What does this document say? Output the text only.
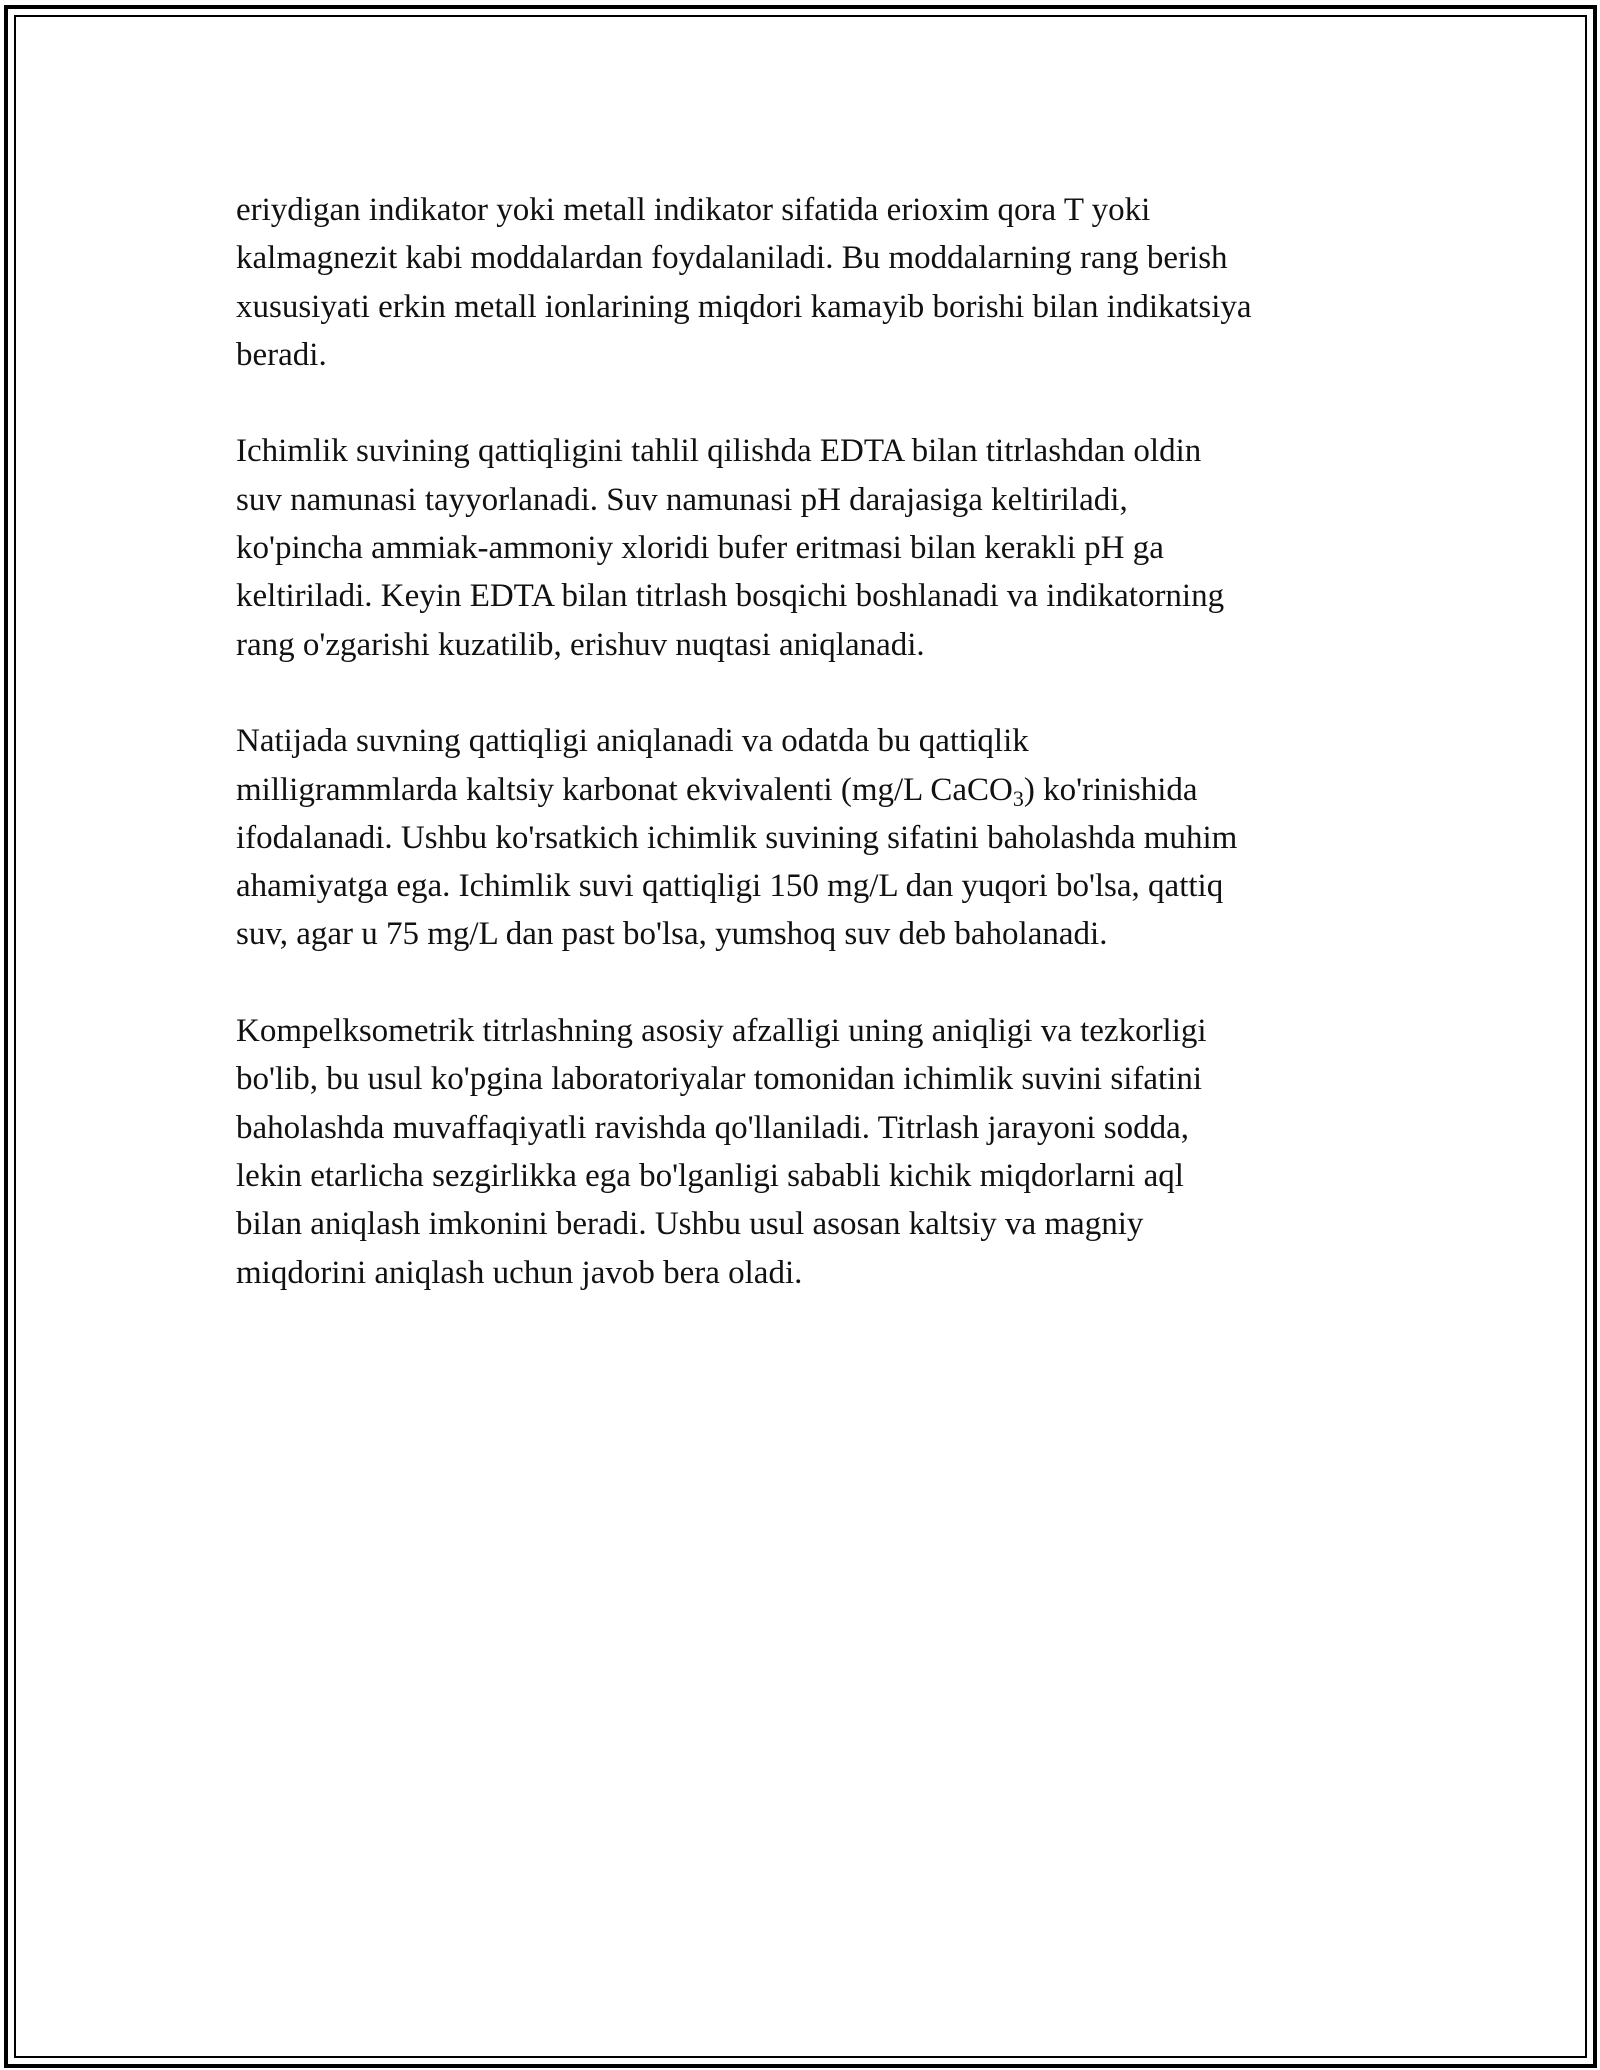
eriydigan indikator yoki metall indikator sifatida erioxim qora T yoki
kalmagnezit kabi moddalardan foydalaniladi. Bu moddalarning rang berish
xususiyati erkin metall ionlarining miqdori kamayib borishi bilan indikatsiya
beradi.

Ichimlik suvining qattiqligini tahlil qilishda EDTA bilan titrlashdan oldin
suv namunasi tayyorlanadi. Suv namunasi pH darajasiga keltiriladi,
ko'pincha ammiak-ammoniy xloridi bufer eritmasi bilan kerakli pH ga
keltiriladi. Keyin EDTA bilan titrlash bosqichi boshlanadi va indikatorning
rang o'zgarishi kuzatilib, erishuv nuqtasi aniqlanadi.

Natijada suvning qattiqligi aniqlanadi va odatda bu qattiqlik
milligrammlarda kaltsiy karbonat ekvivalenti (mg/L CaCO$_3$) ko'rinishida
ifodalanadi. Ushbu ko'rsatkich ichimlik suvining sifatini baholashda muhim
ahamiyatga ega. Ichimlik suvi qattiqligi 150 mg/L dan yuqori bo'lsa, qattiq
suv, agar u 75 mg/L dan past bo'lsa, yumshoq suv deb baholanadi.

Kompelksometrik titrlashning asosiy afzalligi uning aniqligi va tezkorligi
bo'lib, bu usul ko'pgina laboratoriyalar tomonidan ichimlik suvini sifatini
baholashda muvaffaqiyatli ravishda qo'llaniladi. Titrlash jarayoni sodda,
lekin etarlicha sezgirlikka ega bo'lganligi sababli kichik miqdorlarni aql
bilan aniqlash imkonini beradi. Ushbu usul asosan kaltsiy va magniy
miqdorini aniqlash uchun javob bera oladi.
